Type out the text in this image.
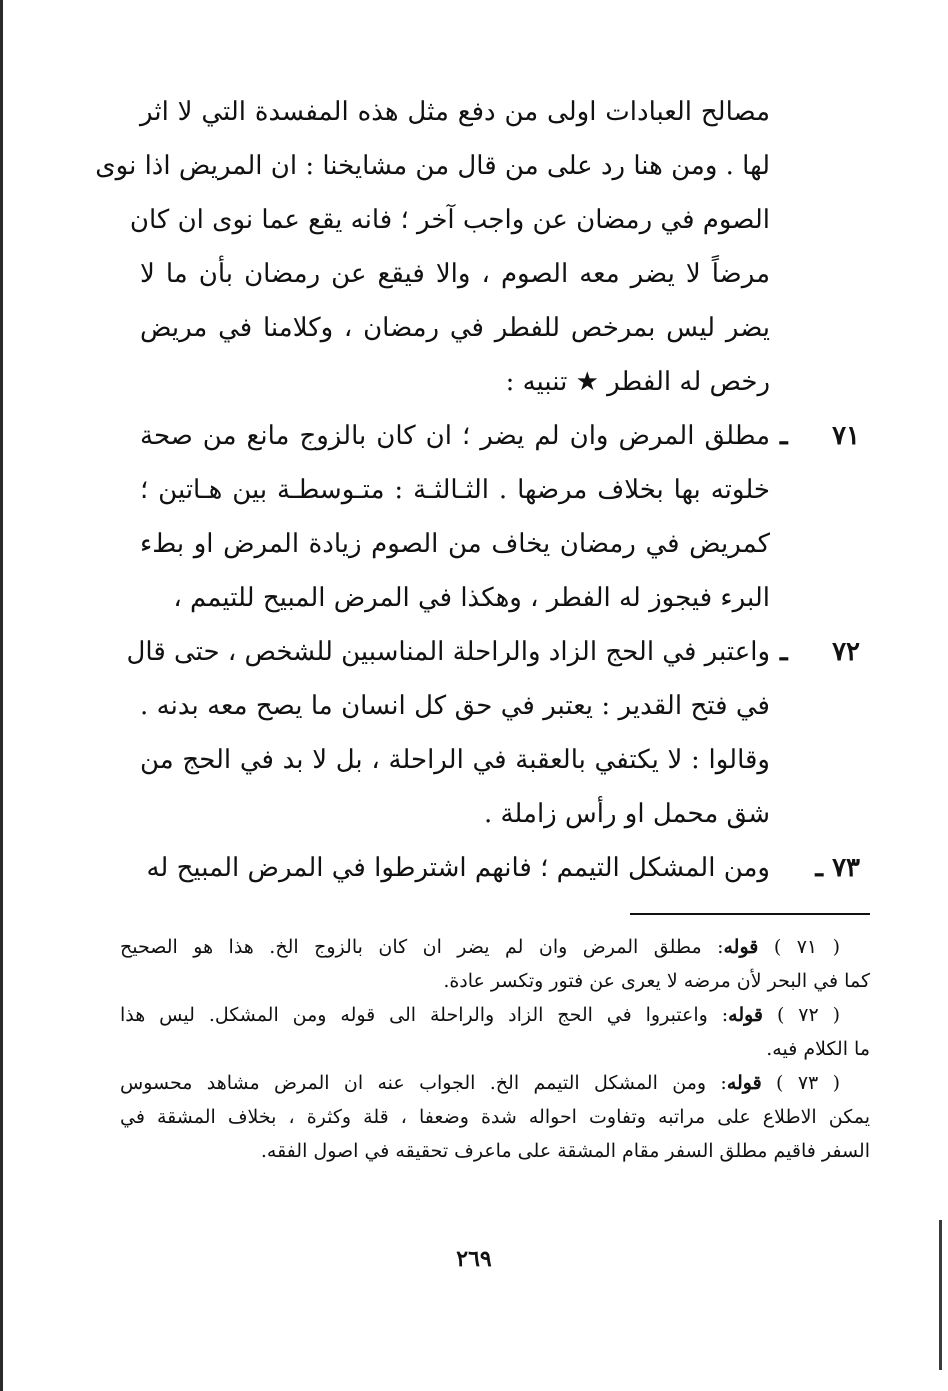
مصالح العبادات اولى من دفع مثل هذه المفسدة التي لا اثر
لها . ومن هنا رد على من قال من مشايخنا : ان المريض اذا نوى
الصوم في رمضان عن واجب آخر ؛ فانه يقع عما نوى ان كان
مرضاً لا يضر معه الصوم ، والا فيقع عن رمضان بأن ما لا
يضر ليس بمرخص للفطر في رمضان ، وكلامنا في مريض
رخص له الفطر ★ تنبيه :
٧١ ـ
مطلق المرض وان لم يضر ؛ ان كان بالزوج مانع من صحة
خلوته بها بخلاف مرضها . الثـالثـة : متـوسطـة بين هـاتين ؛
كمريض في رمضان يخاف من الصوم زيادة المرض او بطء
البرء فيجوز له الفطر ، وهكذا في المرض المبيح للتيمم ،
٧٢ ـ
واعتبر في الحج الزاد والراحلة المناسبين للشخص ، حتى قال
في فتح القدير : يعتبر في حق كل انسان ما يصح معه بدنه .
وقالوا : لا يكتفي بالعقبة في الراحلة ، بل لا بد في الحج من
شق محمل او رأس زاملة .
٧٣ ـ
ومن المشكل التيمم ؛ فانهم اشترطوا في المرض المبيح له
( ٧١ ) قوله: مطلق المرض وان لم يضر ان كان بالزوج الخ. هذا هو الصحيح
كما في البحر لأن مرضه لا يعرى عن فتور وتكسر عادة.
( ٧٢ ) قوله: واعتبروا في الحج الزاد والراحلة الى قوله ومن المشكل. ليس هذا
ما الكلام فيه.
( ٧٣ ) قوله: ومن المشكل التيمم الخ. الجواب عنه ان المرض مشاهد محسوس
يمكن الاطلاع على مراتبه وتفاوت احواله شدة وضعفا ، قلة وكثرة ، بخلاف المشقة في
السفر فاقيم مطلق السفر مقام المشقة على ماعرف تحقيقه في اصول الفقه.
٢٦٩
